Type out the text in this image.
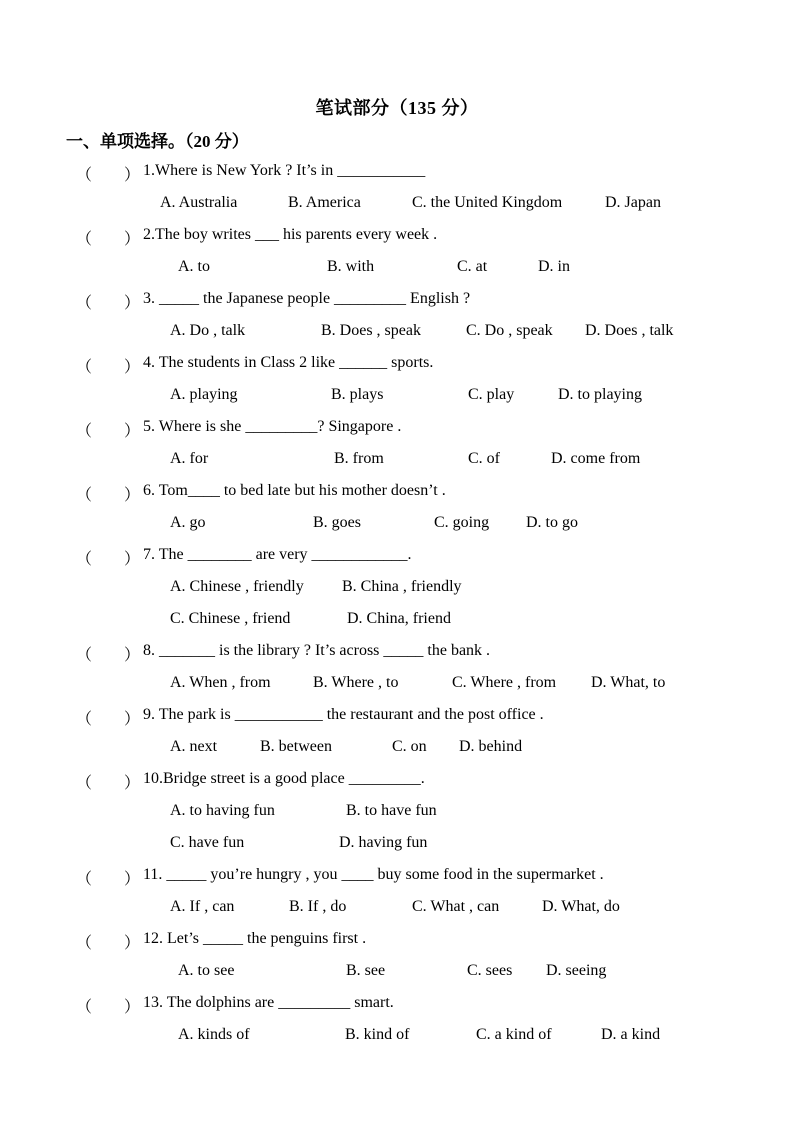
笔试部分（135 分）
一、单项选择。（20 分）
（ ） 1.Where is New York ? It’s in ___________
A. Australia	B. America	C. the United Kingdom	D. Japan
（ ） 2.The boy writes ___ his parents every week .
A. to	B. with	C. at	D. in
（ ） 3. _____ the Japanese people _________ English ?
A. Do , talk	B. Does , speak	C. Do , speak D. Does , talk
（ ） 4. The students in Class 2 like ______ sports.
A. playing	B. plays	C. play	D. to playing
（ ） 5. Where is she _________? Singapore .
A. for	B. from	C. of	D. come from
（ ） 6. Tom____ to bed late but his mother doesn’t .
A. go	B. goes	C. going D. to go
（ ） 7. The ________ are very ____________.
A. Chinese , friendly B. China , friendly
C. Chinese , friend	D. China, friend
（ ） 8. _______ is the library ? It’s across _____ the bank .
A. When , from	B. Where , to	C. Where , from D. What, to
（ ） 9. The park is ___________ the restaurant and the post office .
A. next	B. between	C. on D. behind
（ ） 10.Bridge street is a good place _________.
A. to having fun	B. to have fun
C. have fun	D. having fun
（ ） 11. _____ you’re hungry , you ____ buy some food in the supermarket .
A. If , can	B. If , do	C. What , can	D. What, do
（ ） 12. Let’s _____ the penguins first .
A. to see	B. see	C. sees D. seeing
（ ） 13. The dolphins are _________ smart.
A. kinds of	B. kind of	C. a kind of	D. a kind
